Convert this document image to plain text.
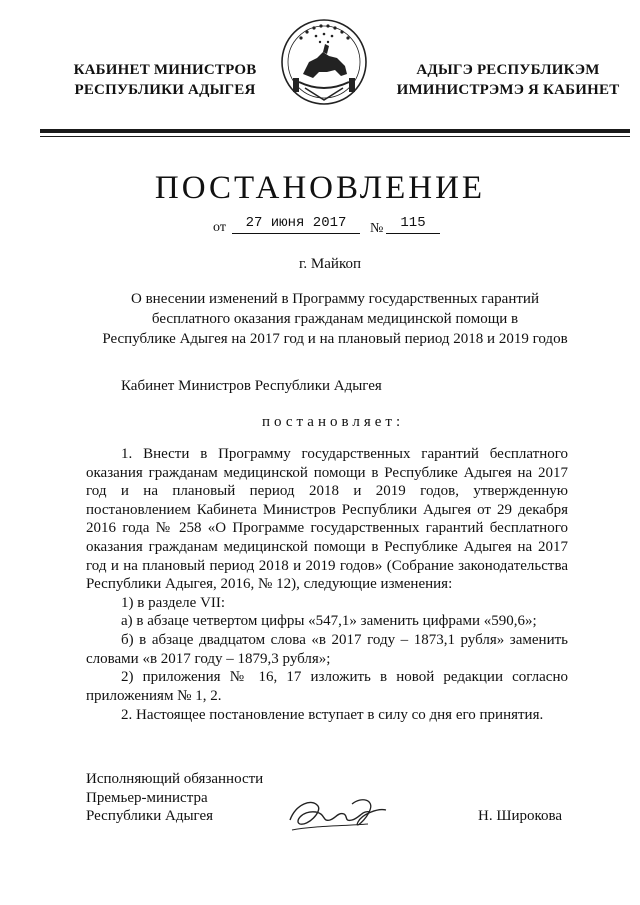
КАБИНЕТ МИНИСТРОВ
РЕСПУБЛИКИ АДЫГЕЯ
АДЫГЭ РЕСПУБЛИКЭМ
ИМИНИСТРЭМЭ Я КАБИНЕТ
ПОСТАНОВЛЕНИЕ
от	27 июня 2017	№	115
г. Майкоп
О внесении изменений в Программу государственных гарантий
бесплатного оказания гражданам медицинской помощи в
Республике Адыгея на 2017 год и на плановый период 2018 и 2019 годов
Кабинет Министров Республики Адыгея
постановляет:

1. Внести в Программу государственных гарантий бесплатного оказания гражданам медицинской помощи в Республике Адыгея на 2017 год и на плановый период 2018 и 2019 годов, утвержденную постановлением Кабинета Министров Республики Адыгея от 29 декабря 2016 года № 258 «О Программе государственных гарантий бесплатного оказания гражданам медицинской помощи в Республике Адыгея на 2017 год и на плановый период 2018 и 2019 годов» (Собрание законодательства Республики Адыгея, 2016, № 12), следующие изменения:

1) в разделе VII:

а) в абзаце четвертом цифры «547,1» заменить цифрами «590,6»;

б) в абзаце двадцатом слова «в 2017 году – 1873,1 рубля» заменить словами «в 2017 году – 1879,3 рубля»;

2) приложения № 16, 17 изложить в новой редакции согласно приложениям № 1, 2.

2. Настоящее постановление вступает в силу со дня его принятия.
Исполняющий обязанности
Премьер-министра
Республики Адыгея	Н. Широкова
